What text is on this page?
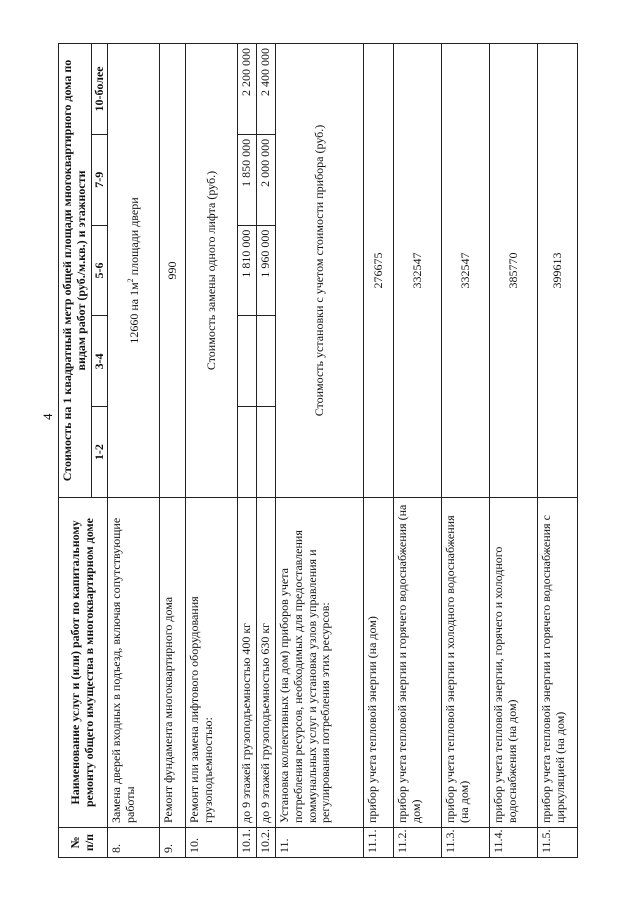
4
№ п/п	Наименование услуг и (или) работ по капитальному ремонту общего имущества в многоквартирном доме	Стоимость на 1 квадратный метр общей площади многоквартирного дома по видам работ (руб./м.кв.) и этажности				
		1-2	3-4	5-6	7-9	10-более
8.	Замена дверей входных в подъезд, включая сопутствующие работы	12660 на $1м^2$ площади двери				
9.	Ремонт фундамента многоквартирного дома	990				
10.	Ремонт или замена лифтового оборудования грузоподъемностью:	Стоимость замены одного лифта (руб.)				
10.1.	до 9 этажей грузоподъемностью 400 кг			1 810 000	1 850 000	2 200 000
10.2.	до 9 этажей грузоподъемностью 630 кг			1 960 000	2 000 000	2 400 000
11.	Установка коллективных (на дом) приборов учета потребления ресурсов, необходимых для предоставления коммунальных услуг и установка узлов управления и регулирования потребления этих ресурсов:	Стоимость установки с учетом стоимости прибора (руб.)				
11.1.	прибор учета тепловой энергии (на дом)	276675				
11.2.	прибор учета тепловой энергии и горячего водоснабжения (на дом)	332547				
11.3.	прибор учета тепловой энергии и холодного водоснабжения (на дом)	332547				
11.4.	прибор учета тепловой энергии, горячего и холодного водоснабжения (на дом)	385770				
11.5.	прибор учета тепловой энергии и горячего водоснабжения с циркуляцией (на дом)	399613				
